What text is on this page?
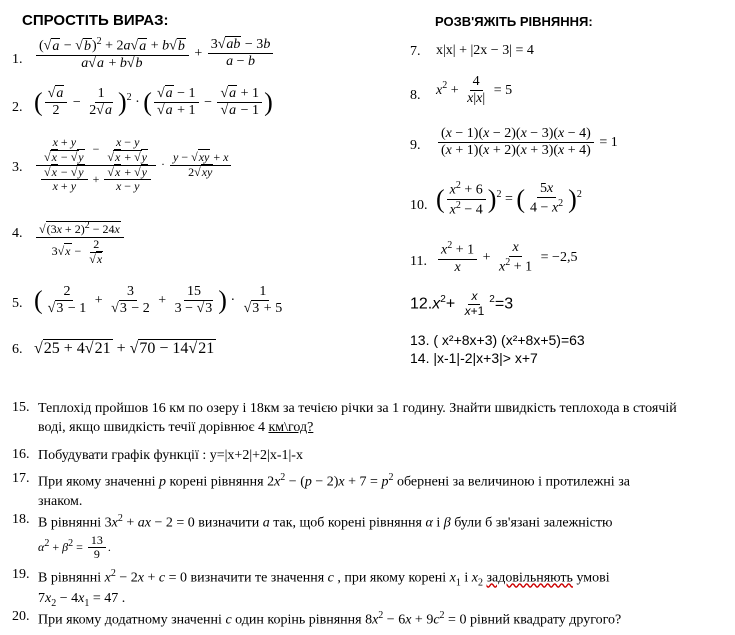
СПРОСТІТЬ ВИРАЗ:	РОЗВ'ЯЖІТЬ РІВНЯННЯ:
1.
2.
3.
4.
5.
6.
$\frac{(√a - √b)^2 + 2a√a + b√b}{a√a + b√b} + \frac{3√ab - 3b}{a - b}$
( $\frac{√a}{2} - \frac{1}{2√a} )^2$ · ( $\frac{√a - 1}{√a + 1} - \frac{√a + 1}{√a - 1}$ )
$\frac{\frac{x + y}{√x - √y} - \frac{x - y}{√x + √y}}{\frac{√x - √y}{x + y} + \frac{√x + √y}{x - y}} \cdot \frac{y - √xy + x}{2√xy}$
$\frac{√(3x + 2)^2 - 24x}{3√x - \frac{2}{√x}}$
( $\frac{2}{√3 - 1} + \frac{3}{√3 - 2} + \frac{15}{3 - √3}$ ) · $\frac{1}{√3 + 5}$
√25 + 4√21 + √70 − 14√21
7.
8.
9.
10.
11.
x|x| + |2x − 3| = 4
$x^2 + \frac{4}{x|x|} = 5$
$\frac{(x - 1)(x - 2)(x - 3)(x - 4)}{(x + 1)(x + 2)(x + 3)(x + 4)} = 1$
( $\frac{x^2 + 6}{x^2 - 4} )^2$ = ( $\frac{5x}{4 - x^2} )^2$
$\frac{x^2 + 1}{x} + \frac{x}{x^2 + 1} = -2,5$
$12.x^2+ \frac{x}{x+1} ^2=3$
13. ( x²+8x+3) (x²+8x+5)=63
14. |x-1|-2|x+3|> x+7
15. Теплохід пройшов 16 км по озеру і 18км за течією річки за 1 годину. Знайти швидкість теплохода в стоячій
воді, якщо швидкість течії дорівнює 4 км\год?
16. Побудувати графік функції : y=|x+2|+2|x-1|-x
17. При якому значенні p корені рівняння $2x^2 - (p - 2)x + 7 = p^2$ обернені за величиною і протилежні за
знаком.
18. В рівнянні $3x^2$ + ax − 2 = 0 визначити a так, щоб корені рівняння α і β були б зв'язані залежністю
$\alpha^2 + \beta^2 = \frac{13}{9}$ .
19. В рівнянні $x^2 - 2x + c = 0$ визначити те значення c , при якому корені $x_1$ і $x_2$ задовільняють умові
$7x_2 - 4x_1 = 47$ .
20. При якому додатному значенні c один корінь рівняння $8x^2 - 6x + 9c^2 = 0$ рівний квадрату другого?
